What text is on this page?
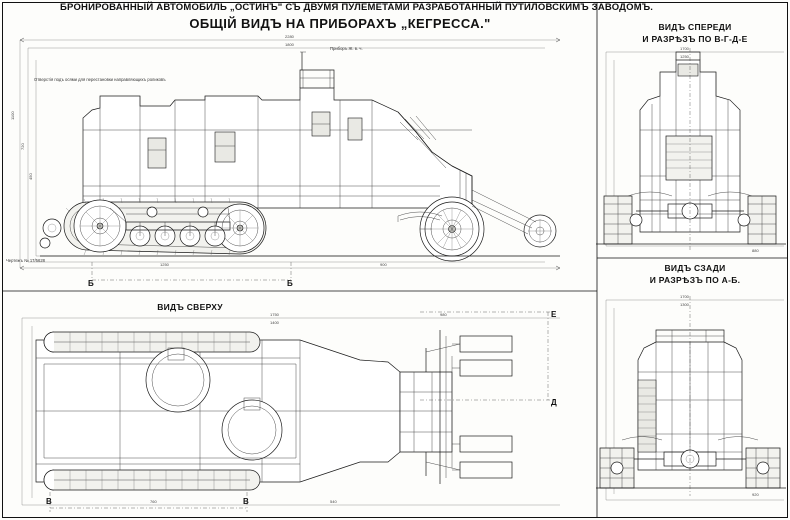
БРОНИРОВАННЫЙ АВТОМОБИЛЬ „ОСТИНЪ" СЪ ДВУМЯ ПУЛЕМЕТАМИ РАЗРАБОТАННЫЙ ПУТИЛОВСКИМЪ ЗАВОДОМЪ.
ОБЩIЙ ВИДЪ НА ПРИБОРАХЪ „КЕГРЕССА."	ВИДЪ СПЕРЕДИ
И РАЗРѢЗЪ ПО В-Г-Д-Е
ВИДЪ СЗАДИ
И РАЗРѢЗЪ ПО А-Б.
ВИДЪ СВЕРХУ
Чертежъ № 17/5628
Приборъ Ж. в. ч.
Отверстiя подъ осями для перестановки направляющихъ роликовъ
Б	Б
В	В
Е
Д
2280
1800
1250	900
1100
720
450
1750
1400
980
760	540
1700
1250
880
1700
1300
920
